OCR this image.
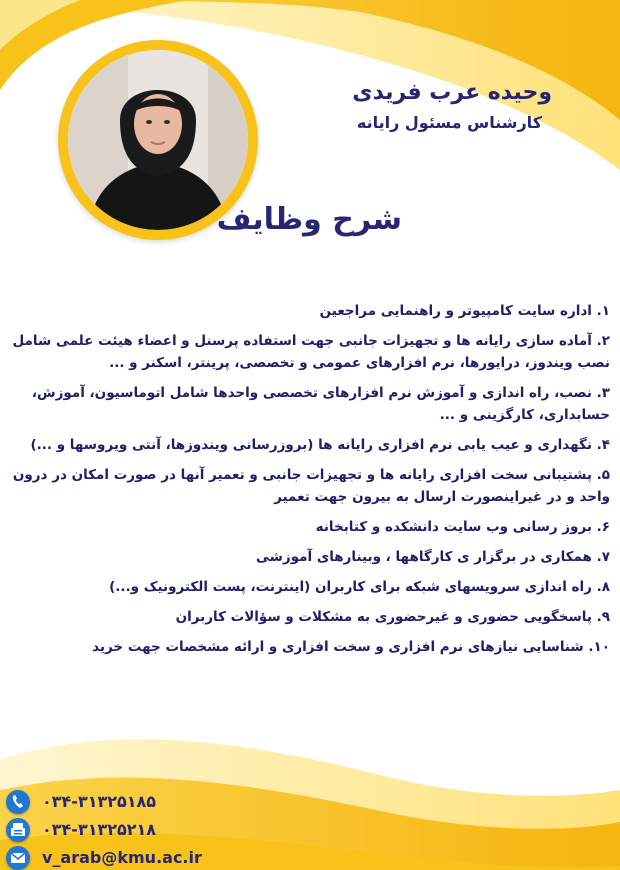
وحیده عرب فریدی
کارشناس مسئول رایانه
شرح وظایف
۱. اداره سایت کامپیوتر و راهنمایی مراجعین
۲. آماده سازی رایانه ها و تجهیزات جانبی جهت استفاده پرسنل و اعضاء هیئت علمی شامل نصب ویندوز، درایورها، نرم افزارهای عمومی و تخصصی، پرینتر، اسکنر و ...
۳. نصب، راه اندازی و آموزش نرم افزارهای تخصصی واحدها شامل اتوماسیون، آموزش، حسابداری، کارگزینی و ...
۴. نگهداری و عیب یابی نرم افزاری رایانه ها (بروزرسانی ویندوزها، آنتی ویروسها و ...)
۵. پشتیبانی سخت افزاری رایانه ها و تجهیزات جانبی و تعمیر آنها در صورت امکان در درون واحد و در غیراینصورت ارسال به بیرون جهت تعمیر
۶. بروز رسانی وب سایت دانشکده و کتابخانه
۷. همکاری در برگزار ی کارگاهها ، وبینارهای آموزشی
۸. راه اندازی سرویسهای شبکه برای کاربران (اینترنت، پست الکترونیک و...)
۹. پاسخگویی حضوری و غیرحضوری به مشکلات و سؤالات کاربران
۱۰. شناسایی نیازهای نرم افزاری و سخت افزاری و ارائه مشخصات جهت خرید
۰۳۴-۳۱۳۲۵۱۸۵
۰۳۴-۳۱۳۲۵۲۱۸
v_arab@kmu.ac.ir
